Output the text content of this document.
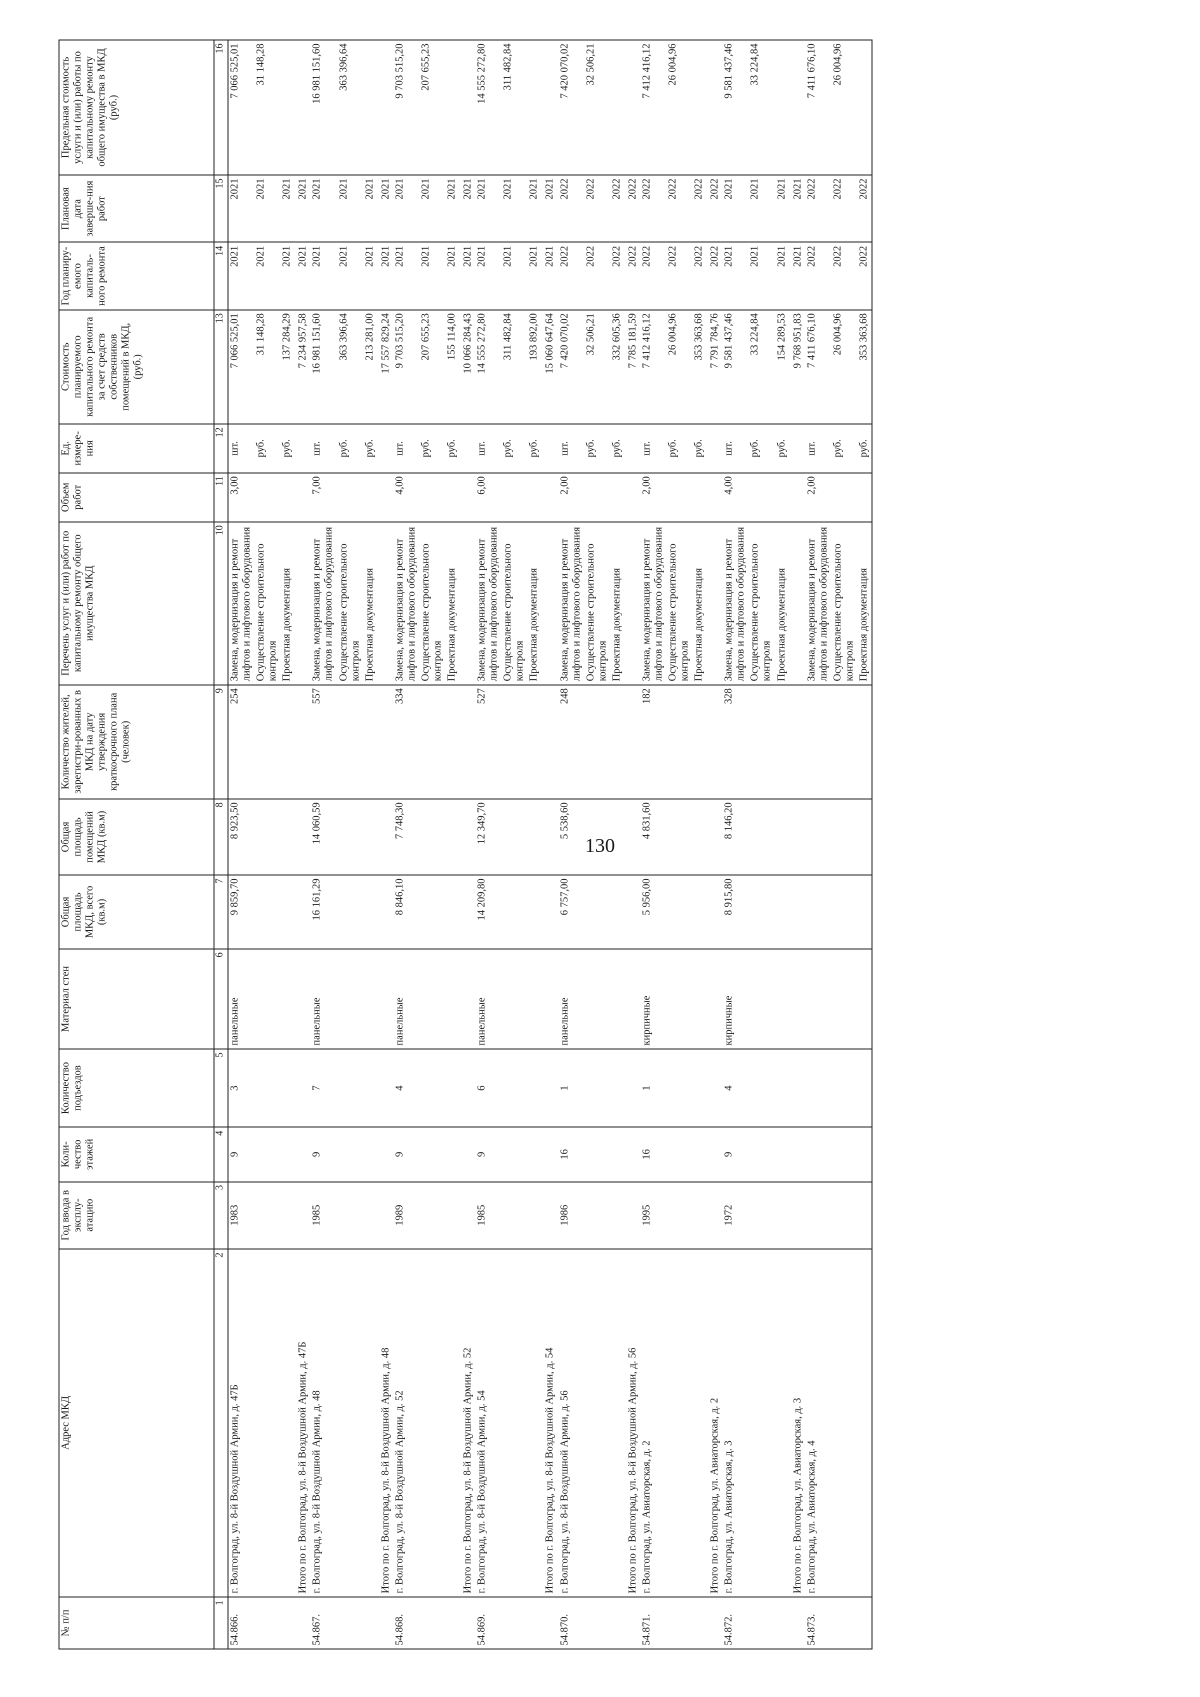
130
№ п/п	Адрес МКД	Год ввода в эксплу-атацию	Коли-чество этажей	Количество подъездов	Материал стен	Общая площадь МКД, всего (кв.м)	Общая площадь помещений МКД (кв.м)	Количество жителей, зарегистри-рованных в МКД на дату утверждения краткосрочного плана (человек)	Перечень услуг и (или) работ по капитальному ремонту общего имущества МКД	Объем работ	Ед. измере-ния	Стоимость планируемого капитального ремонта за счет средств собственников помещений в МКД, (руб.)	Год планиру-емого капиталь-ного ремонта	Плановая дата заверше-ния работ	Предельная стоимость услуги и (или) работы по капитальному ремонту общего имущества в МКД (руб.)
1	2	3	4	5	6	7	8	9	10	11	12	13	14	15	16
54.866.	г. Волгоград, ул. 8-й Воздушной Армии, д. 47Б	1983	9	3	панельные	9 859,70	8 923,50	254	Замена, модернизация и ремонт лифтов и лифтового оборудования	3,00	шт.	7 066 525,01	2021	2021	7 066 525,01
									Осуществление строительного контроля		руб.	31 148,28	2021	2021	31 148,28
									Проектная документация		руб.	137 284,29	2021	2021	
	Итого по г. Волгоград, ул. 8-й Воздушной Армии, д. 47Б											7 234 957,58	2021	2021	
54.867.	г. Волгоград, ул. 8-й Воздушной Армии, д. 48	1985	9	7	панельные	16 161,29	14 060,59	557	Замена, модернизация и ремонт лифтов и лифтового оборудования	7,00	шт.	16 981 151,60	2021	2021	16 981 151,60
									Осуществление строительного контроля		руб.	363 396,64	2021	2021	363 396,64
									Проектная документация		руб.	213 281,00	2021	2021	
	Итого по г. Волгоград, ул. 8-й Воздушной Армии, д. 48											17 557 829,24	2021	2021	
54.868.	г. Волгоград, ул. 8-й Воздушной Армии, д. 52	1989	9	4	панельные	8 846,10	7 748,30	334	Замена, модернизация и ремонт лифтов и лифтового оборудования	4,00	шт.	9 703 515,20	2021	2021	9 703 515,20
									Осуществление строительного контроля		руб.	207 655,23	2021	2021	207 655,23
									Проектная документация		руб.	155 114,00	2021	2021	
	Итого по г. Волгоград, ул. 8-й Воздушной Армии, д. 52											10 066 284,43	2021	2021	
54.869.	г. Волгоград, ул. 8-й Воздушной Армии, д. 54	1985	9	6	панельные	14 209,80	12 349,70	527	Замена, модернизация и ремонт лифтов и лифтового оборудования	6,00	шт.	14 555 272,80	2021	2021	14 555 272,80
									Осуществление строительного контроля		руб.	311 482,84	2021	2021	311 482,84
									Проектная документация		руб.	193 892,00	2021	2021	
	Итого по г. Волгоград, ул. 8-й Воздушной Армии, д. 54											15 060 647,64	2021	2021	
54.870.	г. Волгоград, ул. 8-й Воздушной Армии, д. 56	1986	16	1	панельные	6 757,00	5 538,60	248	Замена, модернизация и ремонт лифтов и лифтового оборудования	2,00	шт.	7 420 070,02	2022	2022	7 420 070,02
									Осуществление строительного контроля		руб.	32 506,21	2022	2022	32 506,21
									Проектная документация		руб.	332 605,36	2022	2022	
	Итого по г. Волгоград, ул. 8-й Воздушной Армии, д. 56											7 785 181,59	2022	2022	
54.871.	г. Волгоград, ул. Авиаторская, д. 2	1995	16	1	кирпичные	5 956,00	4 831,60	182	Замена, модернизация и ремонт лифтов и лифтового оборудования	2,00	шт.	7 412 416,12	2022	2022	7 412 416,12
									Осуществление строительного контроля		руб.	26 004,96	2022	2022	26 004,96
									Проектная документация		руб.	353 363,68	2022	2022	
	Итого по г. Волгоград, ул. Авиаторская, д. 2											7 791 784,76	2022	2022	
54.872.	г. Волгоград, ул. Авиаторская, д. 3	1972	9	4	кирпичные	8 915,80	8 146,20	328	Замена, модернизация и ремонт лифтов и лифтового оборудования	4,00	шт.	9 581 437,46	2021	2021	9 581 437,46
									Осуществление строительного контроля		руб.	33 224,84	2021	2021	33 224,84
									Проектная документация		руб.	154 289,53	2021	2021	
	Итого по г. Волгоград, ул. Авиаторская, д. 3											9 768 951,83	2021	2021	
54.873.	г. Волгоград, ул. Авиаторская, д. 4								Замена, модернизация и ремонт лифтов и лифтового оборудования	2,00	шт.	7 411 676,10	2022	2022	7 411 676,10
									Осуществление строительного контроля		руб.	26 004,96	2022	2022	26 004,96
									Проектная документация		руб.	353 363,68	2022	2022	
